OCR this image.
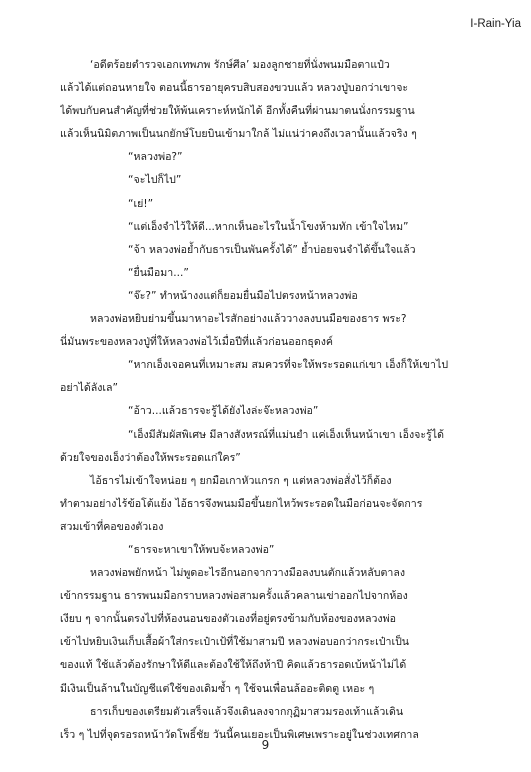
I-Rain-Yia

‘อดีตร้อยตำรวจเอกเทพภพ รักษ์ศีล’ มองลูกชายที่นั่งพนมมือตาแป๋ว

แล้วได้แต่ถอนหายใจ ตอนนี้ธารอายุครบสิบสองขวบแล้ว หลวงปู่บอกว่าเขาจะ

ได้พบกับคนสำคัญที่ช่วยให้พ้นเคราะห์หนักได้ อีกทั้งคืนที่ผ่านมาตนนั่งกรรมฐาน

แล้วเห็นนิมิตภาพเป็นนกยักษ์โบยบินเข้ามาใกล้ ไม่แน่ว่าคงถึงเวลานั้นแล้วจริง ๆ

“หลวงพ่อ?”

“จะไปก็ไป”

“เย่!”

“แต่เอ็งจำไว้ให้ดี...หากเห็นอะไรในน้ำโขงห้ามทัก เข้าใจไหม”

“จ้า หลวงพ่อย้ำกับธารเป็นพันครั้งได้” ย้ำบ่อยจนจำได้ขึ้นใจแล้ว

“ยื่นมือมา...”

“จ๊ะ?” ทำหน้างงแต่ก็ยอมยื่นมือไปตรงหน้าหลวงพ่อ

หลวงพ่อหยิบย่ามขึ้นมาหาอะไรสักอย่างแล้ววางลงบนมือของธาร พระ?

นี่มันพระของหลวงปู่ที่ให้หลวงพ่อไว้เมื่อปีที่แล้วก่อนออกธุดงค์

“หากเอ็งเจอคนที่เหมาะสม สมควรที่จะให้พระรอดแก่เขา เอ็งก็ให้เขาไป

อย่าได้ลังเล”

“อ้าว...แล้วธารจะรู้ได้ยังไงล่ะจ๊ะหลวงพ่อ”

“เอ็งมีสัมผัสพิเศษ มีลางสังหรณ์ที่แม่นยำ แค่เอ็งเห็นหน้าเขา เอ็งจะรู้ได้

ด้วยใจของเอ็งว่าต้องให้พระรอดแก่ใคร”

ไอ้ธารไม่เข้าใจหน่อย ๆ ยกมือเกาหัวแกรก ๆ แต่หลวงพ่อสั่งไว้ก็ต้อง

ทำตามอย่างไร้ข้อโต้แย้ง ไอ้ธารจึงพนมมือขึ้นยกไหว้พระรอดในมือก่อนจะจัดการ

สวมเข้าที่คอของตัวเอง

“ธารจะหาเขาให้พบจ้ะหลวงพ่อ”

หลวงพ่อพยักหน้า ไม่พูดอะไรอีกนอกจากวางมือลงบนตักแล้วหลับตาลง

เข้ากรรมฐาน ธารพนมมือกราบหลวงพ่อสามครั้งแล้วคลานเข่าออกไปจากห้อง

เงียบ ๆ จากนั้นตรงไปที่ห้องนอนของตัวเองที่อยู่ตรงข้ามกับห้องของหลวงพ่อ

เข้าไปหยิบเงินเก็บเสื้อผ้าใส่กระเป๋าเป้ที่ใช้มาสามปี หลวงพ่อบอกว่ากระเป๋าเป็น

ของแท้ ใช้แล้วต้องรักษาให้ดีและต้องใช้ให้ถึงห้าปี คิดแล้วธารอดเบ้หน้าไม่ได้

มีเงินเป็นล้านในบัญชีแต่ใช้ของเดิมซ้ำ ๆ ใช้จนเพื่อนล้ออะติดตู เหอะ ๆ

ธารเก็บของเตรียมตัวเสร็จแล้วจึงเดินลงจากกุฏิมาสวมรองเท้าแล้วเดิน

เร็ว ๆ ไปที่จุดรอรถหน้าวัดโพธิ์ชัย วันนี้คนเยอะเป็นพิเศษเพราะอยู่ในช่วงเทศกาล

9
